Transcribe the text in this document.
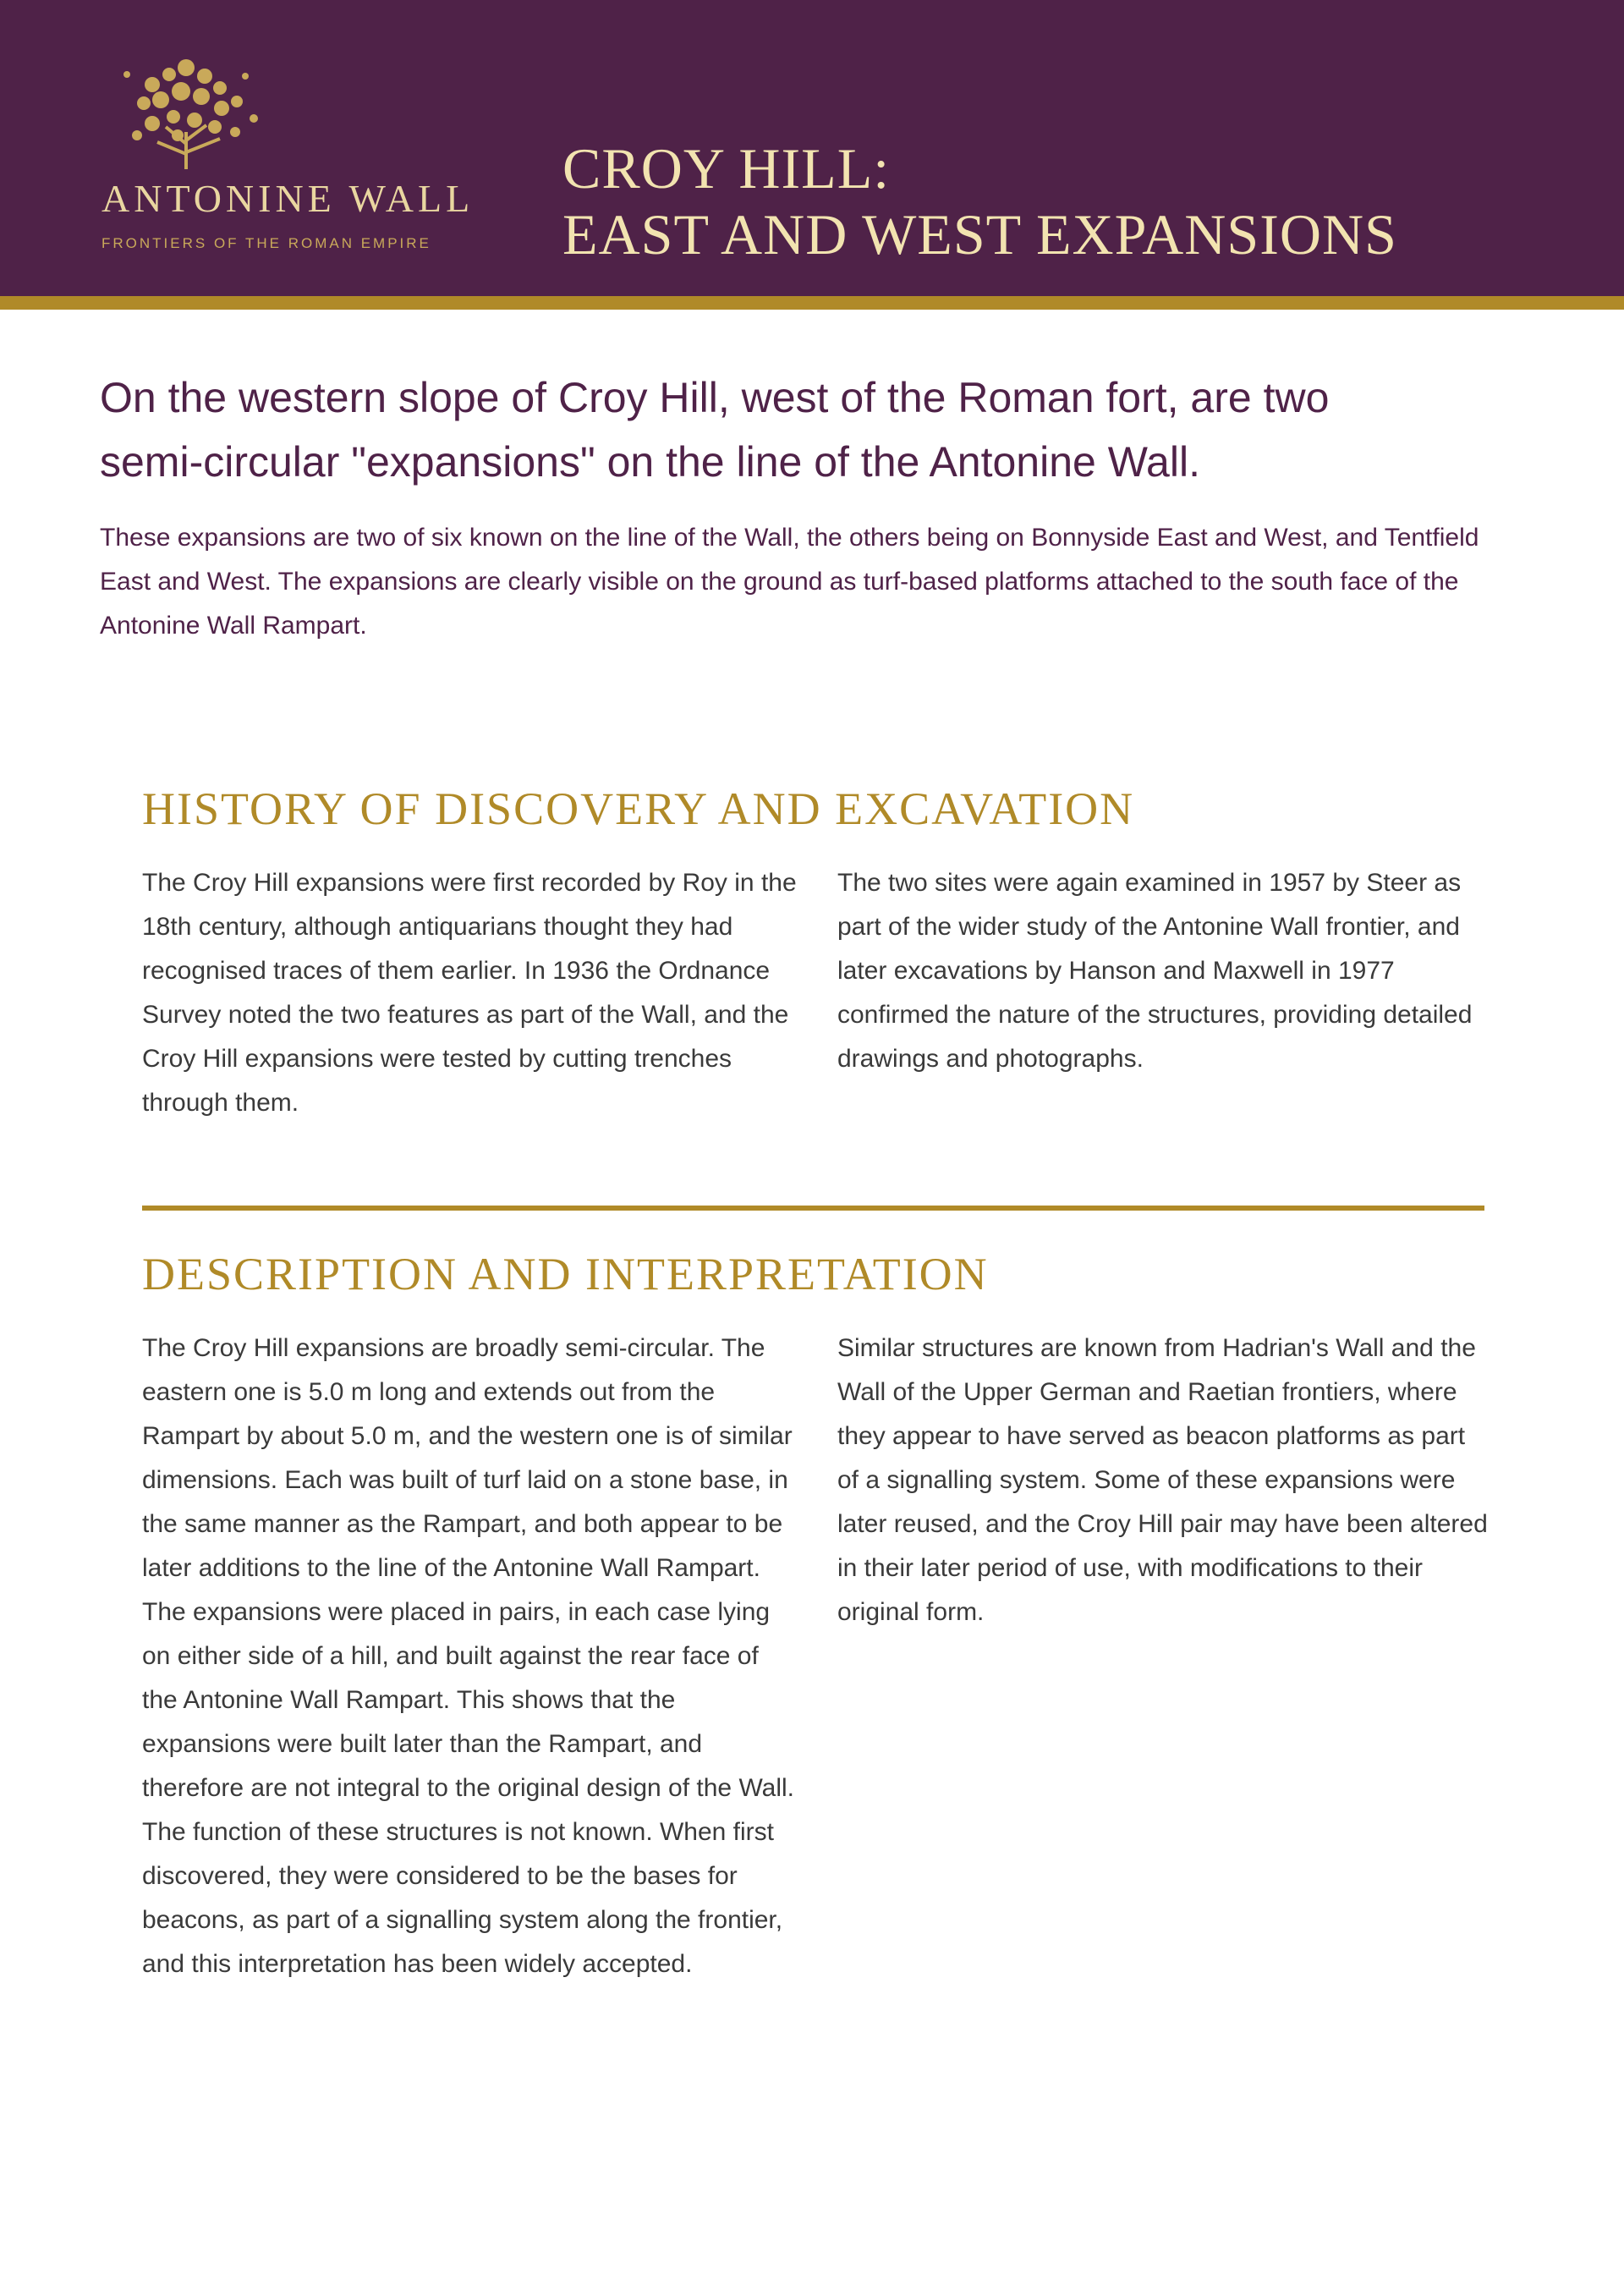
ANTONINE WALL
FRONTIERS OF THE ROMAN EMPIRE
CROY HILL:
EAST AND WEST EXPANSIONS

On the western slope of Croy Hill, west of the Roman fort, are two semi-circular "expansions" on the line of the Antonine Wall.

These expansions are two of six known on the line of the Wall, the others being on Bonnyside East and West, and Tentfield East and West. The expansions are clearly visible on the ground as turf-based platforms attached to the south face of the Antonine Wall Rampart.

HISTORY OF DISCOVERY AND EXCAVATION

The Croy Hill expansions were first recorded by Roy in the 18th century, although antiquarians thought they had recognised traces of them earlier. In 1936 the Ordnance Survey noted the two features as part of the Wall, and the Croy Hill expansions were tested by cutting trenches through them.

The two sites were again examined in 1957 by Steer as part of the wider study of the Antonine Wall frontier, and later excavations by Hanson and Maxwell in 1977 confirmed the nature of the structures, providing detailed drawings and photographs.

DESCRIPTION AND INTERPRETATION

The Croy Hill expansions are broadly semi-circular. The eastern one is 5.0 m long and extends out from the Rampart by about 5.0 m, and the western one is of similar dimensions. Each was built of turf laid on a stone base, in the same manner as the Rampart, and both appear to be later additions to the line of the Antonine Wall Rampart. The expansions were placed in pairs, in each case lying on either side of a hill, and built against the rear face of the Antonine Wall Rampart. This shows that the expansions were built later than the Rampart, and therefore are not integral to the original design of the Wall. The function of these structures is not known. When first discovered, they were considered to be the bases for beacons, as part of a signalling system along the frontier, and this interpretation has been widely accepted.

Similar structures are known from Hadrian's Wall and the Wall of the Upper German and Raetian frontiers, where they appear to have served as beacon platforms as part of a signalling system. Some of these expansions were later reused, and the Croy Hill pair may have been altered in their later period of use, with modifications to their original form.
